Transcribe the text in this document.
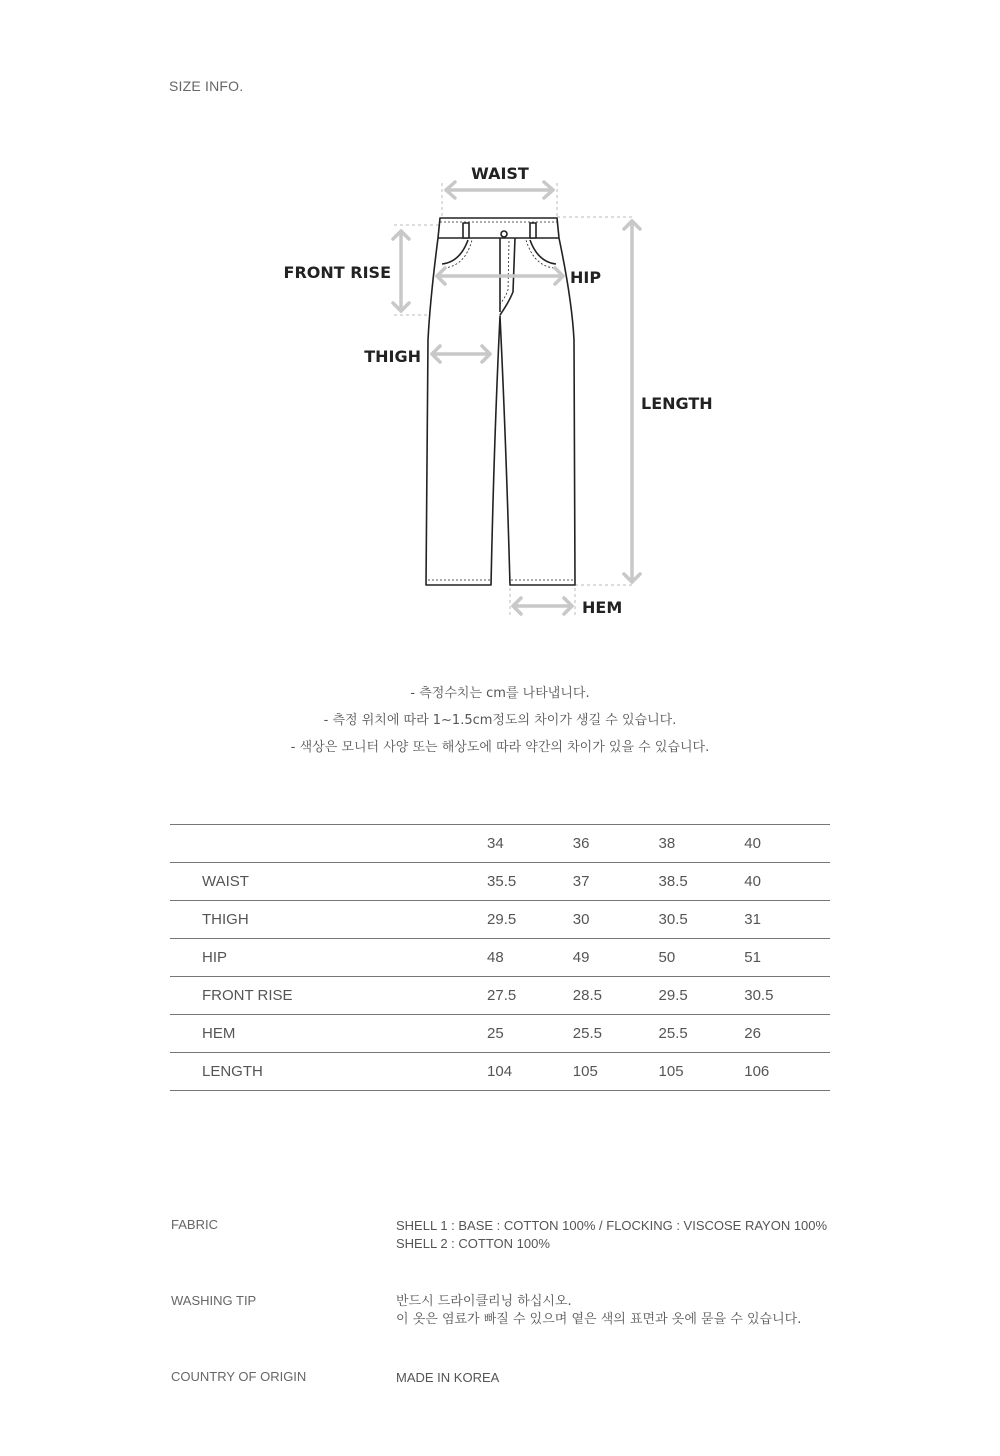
SIZE INFO.
WAIST
FRONT RISE	HIP
THIGH
LENGTH
HEM
- 측정수치는 cm를 나타냅니다.
- 측정 위치에 따라 1~1.5cm정도의 차이가 생길 수 있습니다.
- 색상은 모니터 사양 또는 해상도에 따라 약간의 차이가 있을 수 있습니다.
	34	36	38	40
WAIST	35.5	37	38.5	40
THIGH	29.5	30	30.5	31
HIP	48	49	50	51
FRONT RISE	27.5	28.5	29.5	30.5
HEM	25	25.5	25.5	26
LENGTH	104	105	105	106
FABRIC	SHELL 1 : BASE : COTTON 100% / FLOCKING : VISCOSE RAYON 100%
SHELL 2 : COTTON 100%
WASHING TIP	반드시 드라이클리닝 하십시오.
이 옷은 염료가 빠질 수 있으며 옅은 색의 표면과 옷에 묻을 수 있습니다.
COUNTRY OF ORIGIN	MADE IN KOREA
